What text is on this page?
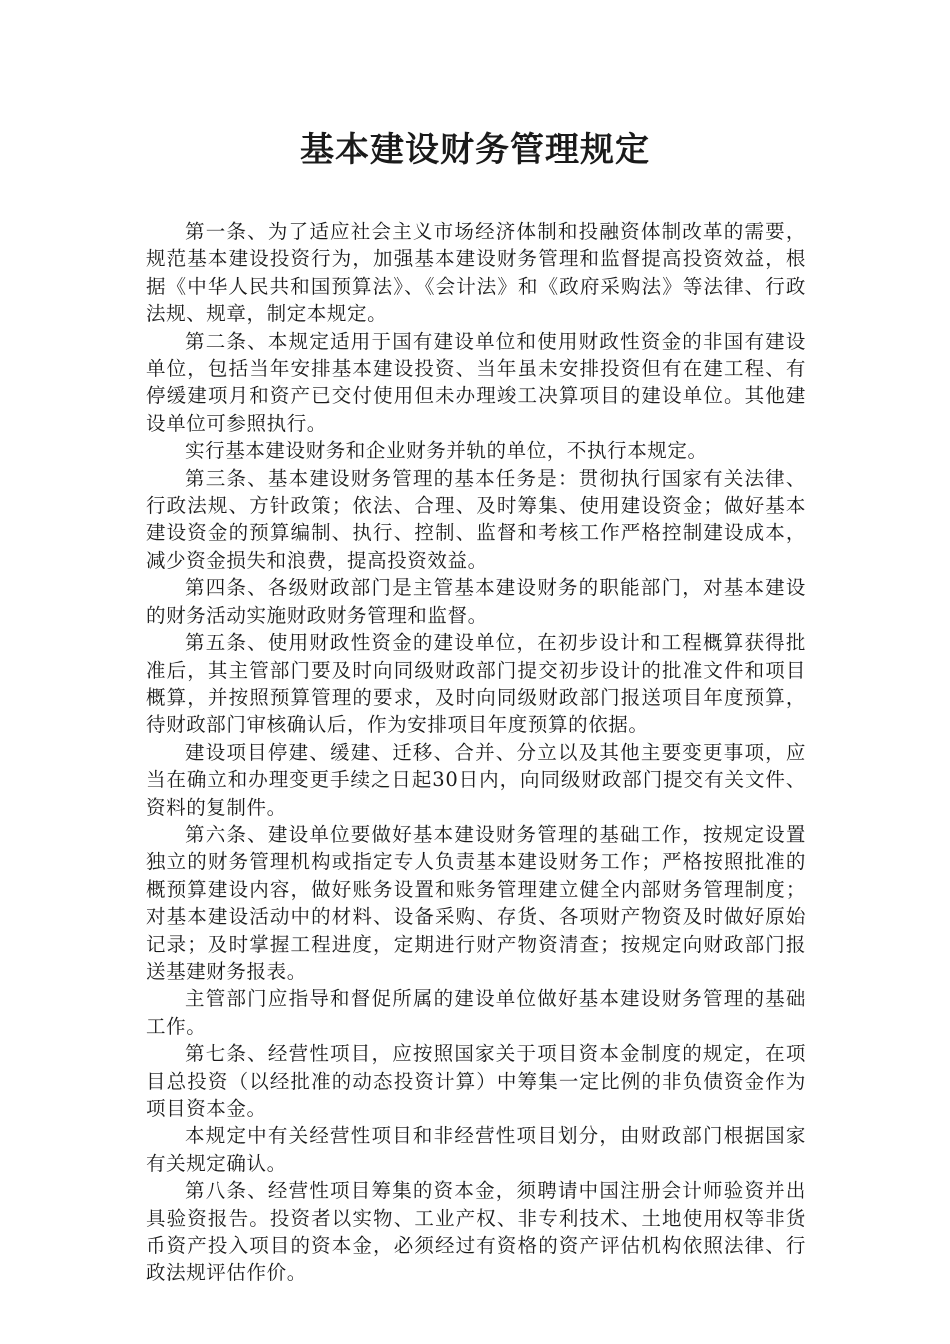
基本建设财务管理规定

第一条、为了适应社会主义市场经济体制和投融资体制改革的需要，规范基本建设投资行为，加强基本建设财务管理和监督提高投资效益，根据《中华人民共和国预算法》、《会计法》和《政府采购法》等法律、行政法规、规章，制定本规定。

第二条、本规定适用于国有建设单位和使用财政性资金的非国有建设单位，包括当年安排基本建设投资、当年虽未安排投资但有在建工程、有停缓建项月和资产已交付使用但未办理竣工决算项目的建设单位。其他建设单位可参照执行。

实行基本建设财务和企业财务并轨的单位，不执行本规定。

第三条、基本建设财务管理的基本任务是：贯彻执行国家有关法律、行政法规、方针政策；依法、合理、及时筹集、使用建设资金；做好基本建设资金的预算编制、执行、控制、监督和考核工作严格控制建设成本，减少资金损失和浪费，提高投资效益。

第四条、各级财政部门是主管基本建设财务的职能部门，对基本建设的财务活动实施财政财务管理和监督。

第五条、使用财政性资金的建设单位，在初步设计和工程概算获得批准后，其主管部门要及时向同级财政部门提交初步设计的批准文件和项目概算，并按照预算管理的要求，及时向同级财政部门报送项目年度预算，待财政部门审核确认后，作为安排项目年度预算的依据。

建设项目停建、缓建、迁移、合并、分立以及其他主要变更事项，应当在确立和办理变更手续之日起30日内，向同级财政部门提交有关文件、资料的复制件。

第六条、建设单位要做好基本建设财务管理的基础工作，按规定设置独立的财务管理机构或指定专人负责基本建设财务工作；严格按照批准的概预算建设内容，做好账务设置和账务管理建立健全内部财务管理制度；对基本建设活动中的材料、设备采购、存货、各项财产物资及时做好原始记录；及时掌握工程进度，定期进行财产物资清查；按规定向财政部门报送基建财务报表。

主管部门应指导和督促所属的建设单位做好基本建设财务管理的基础工作。

第七条、经营性项目，应按照国家关于项目资本金制度的规定，在项目总投资（以经批准的动态投资计算）中筹集一定比例的非负债资金作为项目资本金。

本规定中有关经营性项目和非经营性项目划分，由财政部门根据国家有关规定确认。

第八条、经营性项目筹集的资本金，须聘请中国注册会计师验资并出具验资报告。投资者以实物、工业产权、非专利技术、土地使用权等非货币资产投入项目的资本金，必须经过有资格的资产评估机构依照法律、行政法规评估作价。
